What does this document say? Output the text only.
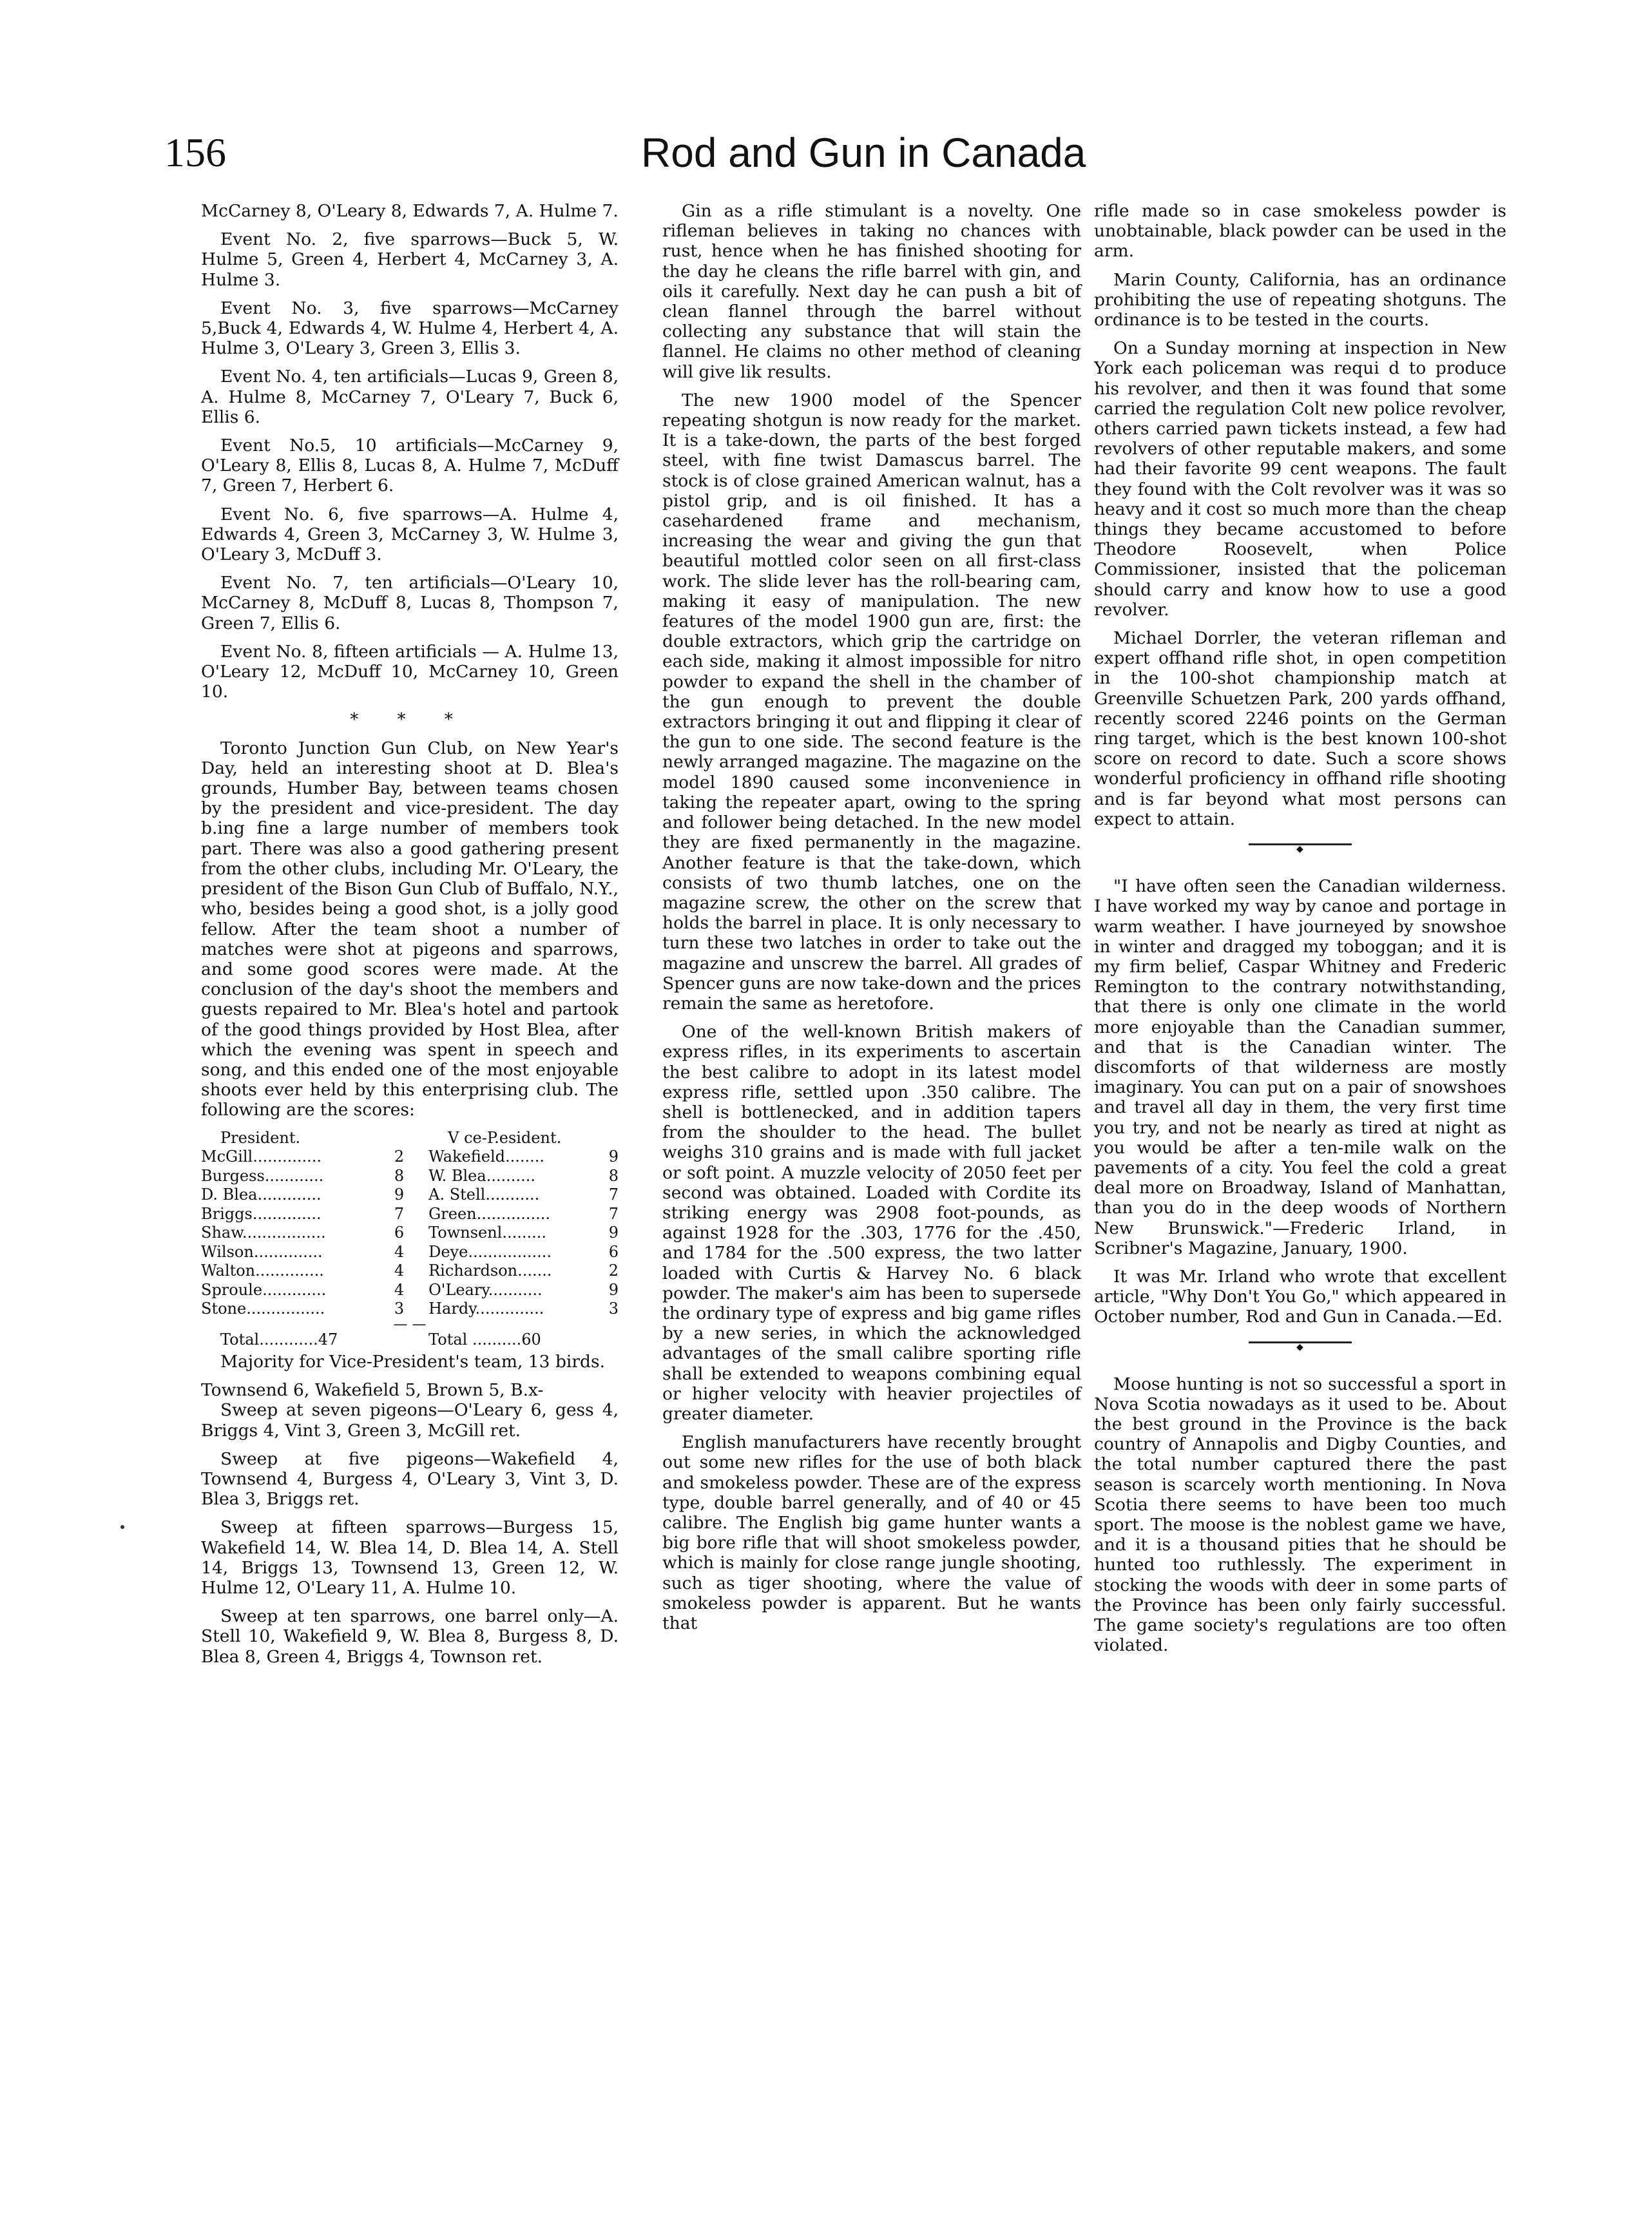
156	Rod and Gun in Canada

McCarney 8, O'Leary 8, Edwards 7, A. Hulme 7.

Event No. 2, five sparrows—Buck 5, W. Hulme 5, Green 4, Herbert 4, McCarney 3, A. Hulme 3.

Event No. 3, five sparrows—McCarney 5,Buck 4, Edwards 4, W. Hulme 4, Herbert 4, A. Hulme 3, O'Leary 3, Green 3, Ellis 3.

Event No. 4, ten artificials—Lucas 9, Green 8, A. Hulme 8, McCarney 7, O'Leary 7, Buck 6, Ellis 6.

Event No.5, 10 artificials—McCarney 9, O'Leary 8, Ellis 8, Lucas 8, A. Hulme 7, McDuff 7, Green 7, Herbert 6.

Event No. 6, five sparrows—A. Hulme 4, Edwards 4, Green 3, McCarney 3, W. Hulme 3, O'Leary 3, McDuff 3.

Event No. 7, ten artificials—O'Leary 10, McCarney 8, McDuff 8, Lucas 8, Thompson 7, Green 7, Ellis 6.

Event No. 8, fifteen artificials — A. Hulme 13, O'Leary 12, McDuff 10, McCarney 10, Green 10.

* * *

Toronto Junction Gun Club, on New Year's Day, held an interesting shoot at D. Blea's grounds, Humber Bay, between teams chosen by the president and vice-president. The day b.ing fine a large number of members took part. There was also a good gathering present from the other clubs, including Mr. O'Leary, the president of the Bison Gun Club of Buffalo, N.Y., who, besides being a good shot, is a jolly good fellow. After the team shoot a number of matches were shot at pigeons and sparrows, and some good scores were made. At the conclusion of the day's shoot the members and guests repaired to Mr. Blea's hotel and partook of the good things provided by Host Blea, after which the evening was spent in speech and song, and this ended one of the most enjoyable shoots ever held by this enterprising club. The following are the scores:

President.		V ce-P.esident.	
McGill..............	2	Wakefield........	9
Burgess............	8	W. Blea..........	8
D. Blea.............	9	A. Stell...........	7
Briggs..............	7	Green...............	7
Shaw.................	6	Townsenl.........	9
Wilson..............	4	Deye.................	6
Walton..............	4	Richardson.......	2
Sproule.............	4	O'Leary...........	9
Stone................	3	Hardy..............	3
— —			
Total............47		Total ..........60	

Majority for Vice-President's team, 13 birds.

Townsend 6, Wakefield 5, Brown 5, B.x-

Sweep at seven pigeons—O'Leary 6, gess 4, Briggs 4, Vint 3, Green 3, McGill ret.

Sweep at five pigeons—Wakefield 4, Townsend 4, Burgess 4, O'Leary 3, Vint 3, D. Blea 3, Briggs ret.

Sweep at fifteen sparrows—Burgess 15, Wakefield 14, W. Blea 14, D. Blea 14, A. Stell 14, Briggs 13, Townsend 13, Green 12, W. Hulme 12, O'Leary 11, A. Hulme 10.

Sweep at ten sparrows, one barrel only—A. Stell 10, Wakefield 9, W. Blea 8, Burgess 8, D. Blea 8, Green 4, Briggs 4, Townson ret.

Gin as a rifle stimulant is a novelty. One rifleman believes in taking no chances with rust, hence when he has finished shooting for the day he cleans the rifle barrel with gin, and oils it carefully. Next day he can push a bit of clean flannel through the barrel without collecting any substance that will stain the flannel. He claims no other method of cleaning will give lik results.

The new 1900 model of the Spencer repeating shotgun is now ready for the market. It is a take-down, the parts of the best forged steel, with fine twist Damascus barrel. The stock is of close grained American walnut, has a pistol grip, and is oil finished. It has a casehardened frame and mechanism, increasing the wear and giving the gun that beautiful mottled color seen on all first-class work. The slide lever has the roll-bearing cam, making it easy of manipulation. The new features of the model 1900 gun are, first: the double extractors, which grip the cartridge on each side, making it almost impossible for nitro powder to expand the shell in the chamber of the gun enough to prevent the double extractors bringing it out and flipping it clear of the gun to one side. The second feature is the newly arranged magazine. The magazine on the model 1890 caused some inconvenience in taking the repeater apart, owing to the spring and follower being detached. In the new model they are fixed permanently in the magazine. Another feature is that the take-down, which consists of two thumb latches, one on the magazine screw, the other on the screw that holds the barrel in place. It is only necessary to turn these two latches in order to take out the magazine and unscrew the barrel. All grades of Spencer guns are now take-down and the prices remain the same as heretofore.

One of the well-known British makers of express rifles, in its experiments to ascertain the best calibre to adopt in its latest model express rifle, settled upon .350 calibre. The shell is bottlenecked, and in addition tapers from the shoulder to the head. The bullet weighs 310 grains and is made with full jacket or soft point. A muzzle velocity of 2050 feet per second was obtained. Loaded with Cordite its striking energy was 2908 foot-pounds, as against 1928 for the .303, 1776 for the .450, and 1784 for the .500 express, the two latter loaded with Curtis & Harvey No. 6 black powder. The maker's aim has been to supersede the ordinary type of express and big game rifles by a new series, in which the acknowledged advantages of the small calibre sporting rifle shall be extended to weapons combining equal or higher velocity with heavier projectiles of greater diameter.

English manufacturers have recently brought out some new rifles for the use of both black and smokeless powder. These are of the express type, double barrel generally, and of 40 or 45 calibre. The English big game hunter wants a big bore rifle that will shoot smokeless powder, which is mainly for close range jungle shooting, such as tiger shooting, where the value of smokeless powder is apparent. But he wants that

rifle made so in case smokeless powder is unobtainable, black powder can be used in the arm.

Marin County, California, has an ordinance prohibiting the use of repeating shotguns. The ordinance is to be tested in the courts.

On a Sunday morning at inspection in New York each policeman was requi d to produce his revolver, and then it was found that some carried the regulation Colt new police revolver, others carried pawn tickets instead, a few had revolvers of other reputable makers, and some had their favorite 99 cent weapons. The fault they found with the Colt revolver was it was so heavy and it cost so much more than the cheap things they became accustomed to before Theodore Roosevelt, when Police Commissioner, insisted that the policeman should carry and know how to use a good revolver.

Michael Dorrler, the veteran rifleman and expert offhand rifle shot, in open competition in the 100-shot championship match at Greenville Schuetzen Park, 200 yards offhand, recently scored 2246 points on the German ring target, which is the best known 100-shot score on record to date. Such a score shows wonderful proficiency in offhand rifle shooting and is far beyond what most persons can expect to attain.

◆

"I have often seen the Canadian wilderness. I have worked my way by canoe and portage in warm weather. I have journeyed by snowshoe in winter and dragged my toboggan; and it is my firm belief, Caspar Whitney and Frederic Remington to the contrary notwithstanding, that there is only one climate in the world more enjoyable than the Canadian summer, and that is the Canadian winter. The discomforts of that wilderness are mostly imaginary. You can put on a pair of snowshoes and travel all day in them, the very first time you try, and not be nearly as tired at night as you would be after a ten-mile walk on the pavements of a city. You feel the cold a great deal more on Broadway, Island of Manhattan, than you do in the deep woods of Northern New Brunswick."—Frederic Irland, in Scribner's Magazine, January, 1900.

It was Mr. Irland who wrote that excellent article, "Why Don't You Go," which appeared in October number, Rod and Gun in Canada.—Ed.

◆

Moose hunting is not so successful a sport in Nova Scotia nowadays as it used to be. About the best ground in the Province is the back country of Annapolis and Digby Counties, and the total number captured there the past season is scarcely worth mentioning. In Nova Scotia there seems to have been too much sport. The moose is the noblest game we have, and it is a thousand pities that he should be hunted too ruthlessly. The experiment in stocking the woods with deer in some parts of the Province has been only fairly successful. The game society's regulations are too often violated.
